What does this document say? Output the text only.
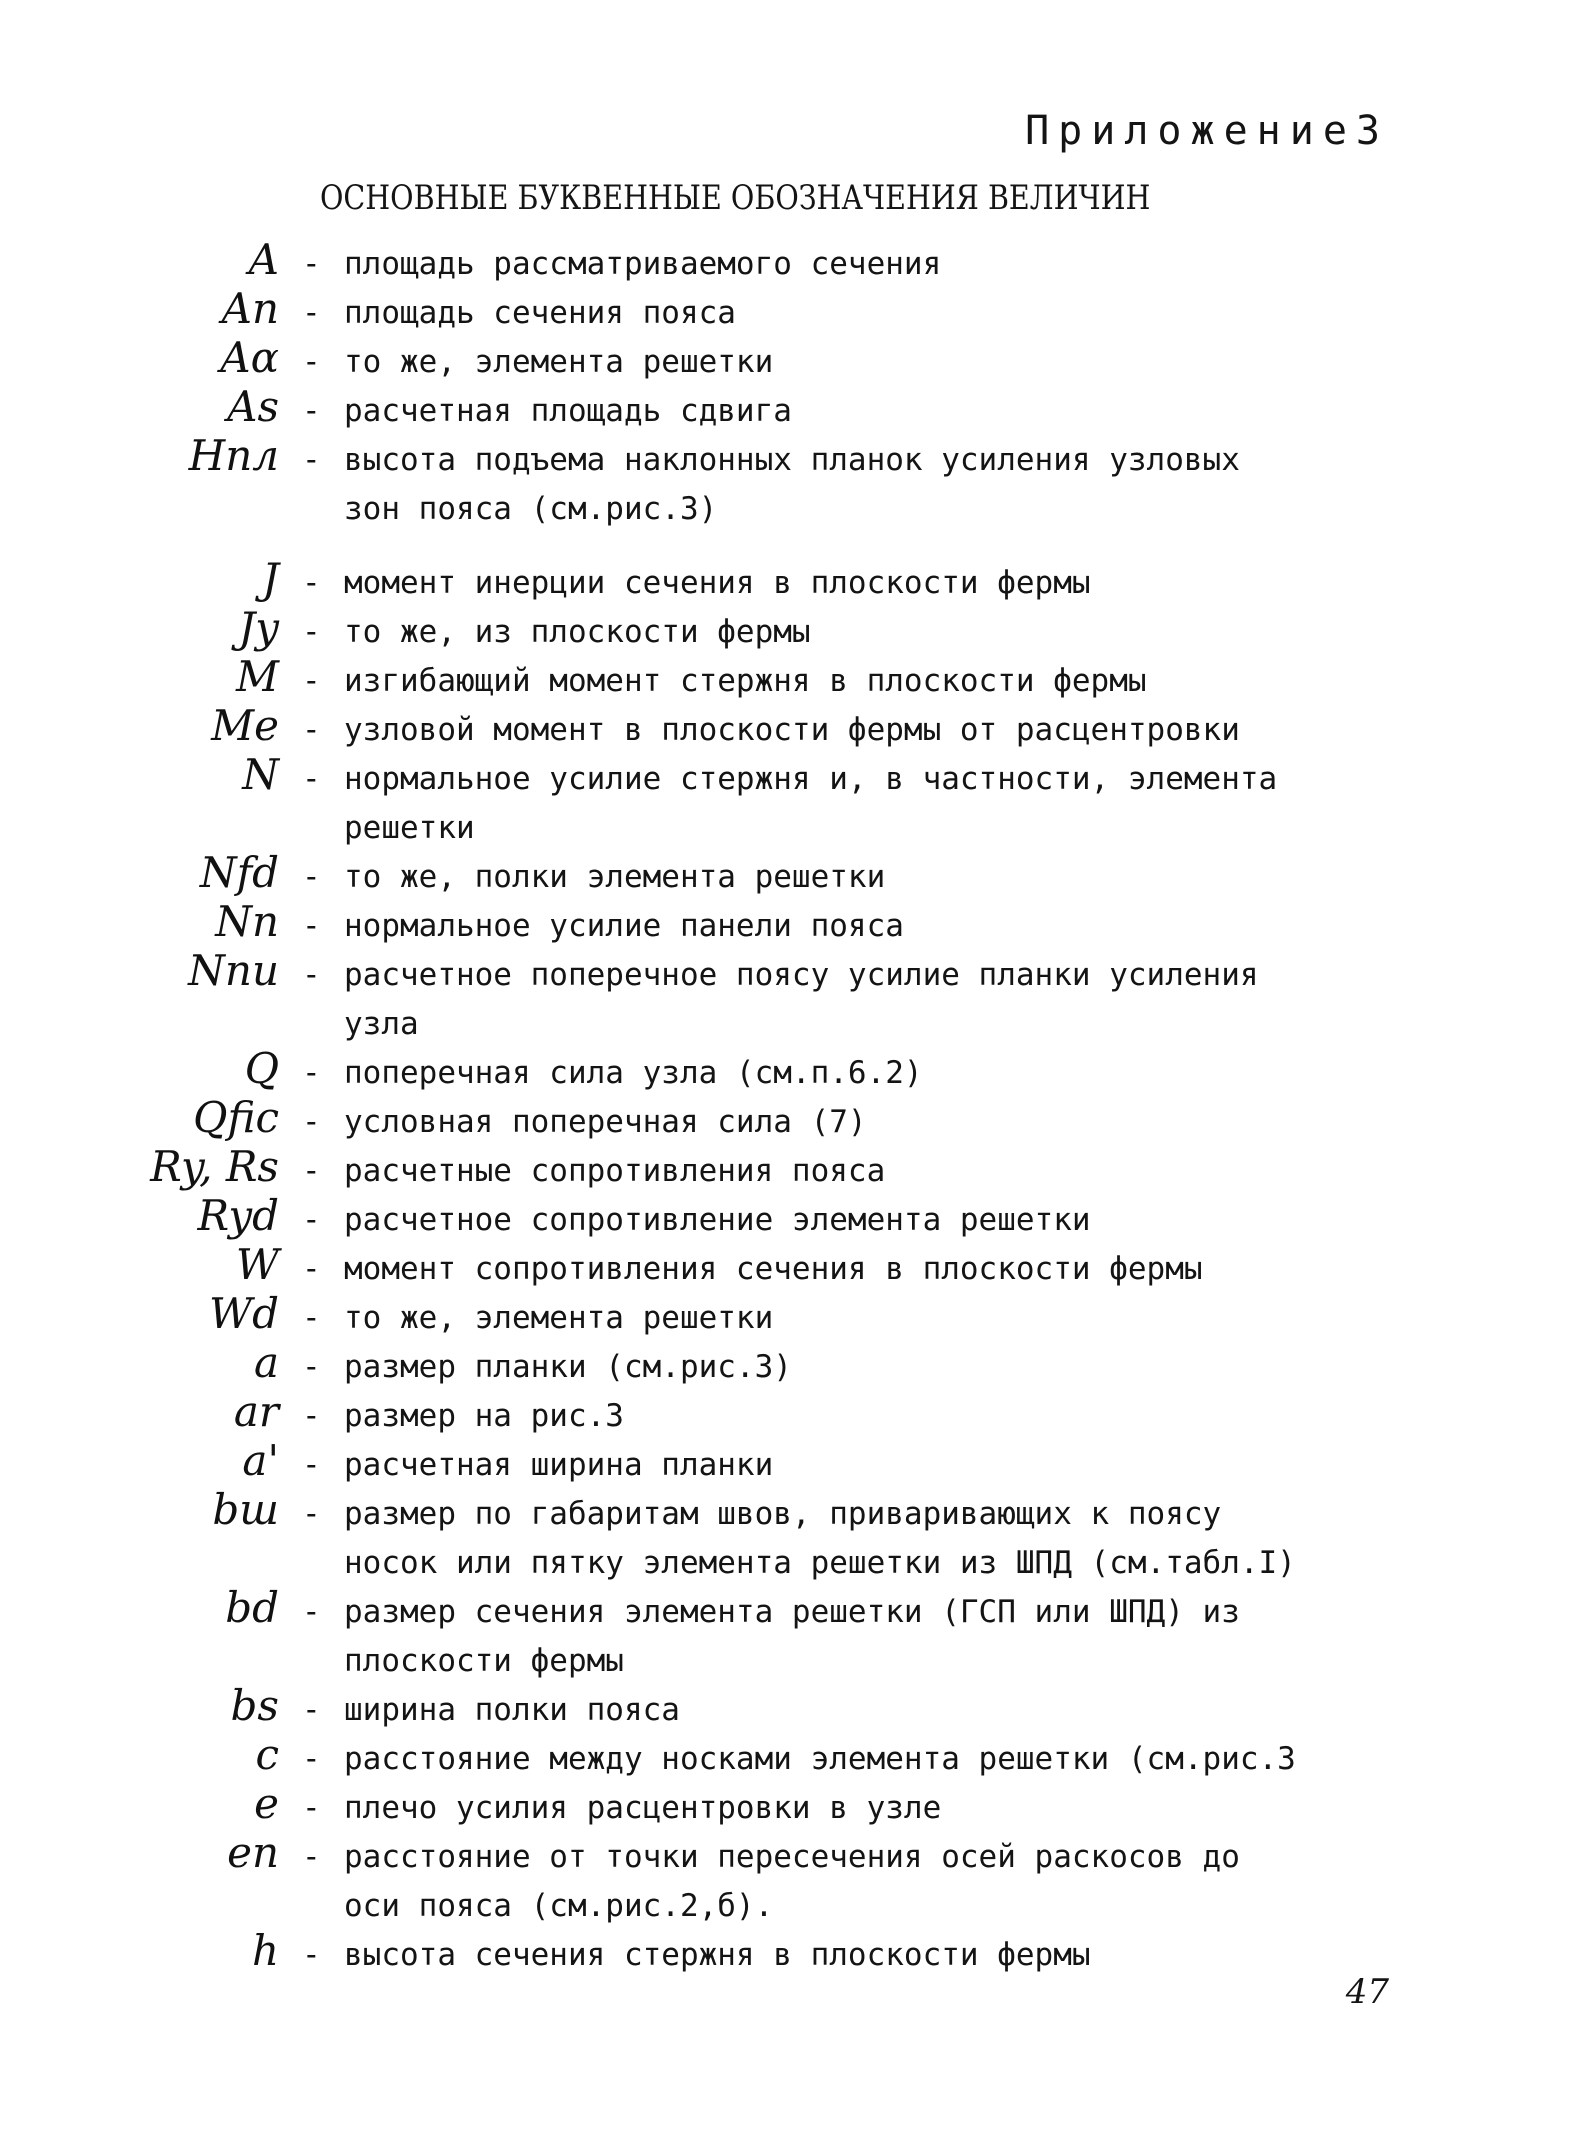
Приложение3
ОСНОВНЫЕ БУКВЕННЫЕ ОБОЗНАЧЕНИЯ ВЕЛИЧИН
A - площадь рассматриваемого сечения
Aп - площадь сечения пояса
Aα - то же, элемента решетки
As - расчетная площадь сдвига
Hпл - высота подъема наклонных планок усиления узловых
зон пояса (см.рис.3)
J - момент инерции сечения в плоскости фермы
Jy - то же, из плоскости фермы
M - изгибающий момент стержня в плоскости фермы
Me - узловой момент в плоскости фермы от расцентровки
N - нормальное усилие стержня и, в частности, элемента
решетки
Nfd - то же, полки элемента решетки
Nп - нормальное усилие панели пояса
Nnu - расчетное поперечное поясу усилие планки усиления
узла
Q - поперечная сила узла (см.п.6.2)
Qfic - условная поперечная сила (7)
Ry, Rs - расчетные сопротивления пояса
Ryd - расчетное сопротивление элемента решетки
W - момент сопротивления сечения в плоскости фермы
Wd - то же, элемента решетки
a - размер планки (см.рис.3)
ar - размер на рис.3
a' - расчетная ширина планки
bш - размер по габаритам швов, приваривающих к поясу
носок или пятку элемента решетки из ШПД (см.табл.I)
bd - размер сечения элемента решетки (ГСП или ШПД) из
плоскости фермы
bs - ширина полки пояса
c - расстояние между носками элемента решетки (см.рис.3
e - плечо усилия расцентровки в узле
eп - расстояние от точки пересечения осей раскосов до
оси пояса (см.рис.2,б).
h - высота сечения стержня в плоскости фермы
47
